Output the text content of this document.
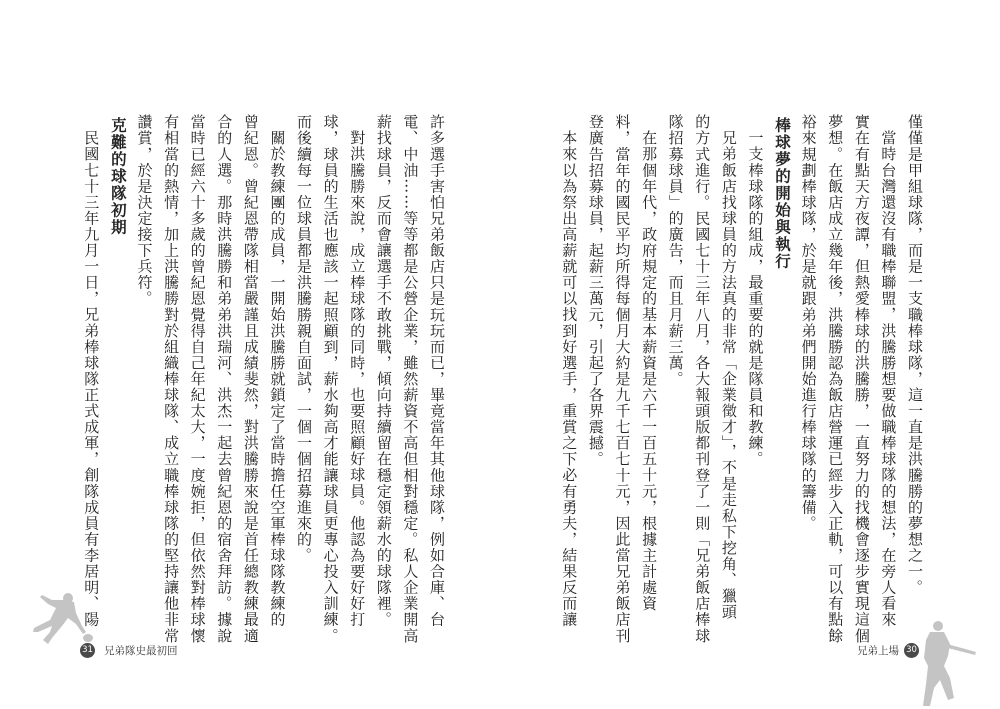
僅僅是甲組球隊，而是一支職棒球隊，這一直是洪騰勝的夢想之一。
當時台灣還沒有職棒聯盟，洪騰勝想要做職棒球隊的想法，在旁人看來
實在有點天方夜譚，但熱愛棒球的洪騰勝，一直努力的找機會逐步實現這個
夢想。在飯店成立幾年後，洪騰勝認為飯店營運已經步入正軌，可以有點餘
裕來規劃棒球隊，於是就跟弟弟們開始進行棒球隊的籌備。
棒球夢的開始與執行
一支棒球隊的組成，最重要的就是隊員和教練。
兄弟飯店找球員的方法真的非常「企業徵才」，不是走私下挖角、獵頭
的方式進行。民國七十三年八月，各大報頭版都刊登了一則「兄弟飯店棒球
隊招募球員」的廣告，而且月薪三萬。
在那個年代，政府規定的基本薪資是六千一百五十元，根據主計處資
料，當年的國民平均所得每個月大約是九千七百七十元，因此當兄弟飯店刊
登廣告招募球員，起薪三萬元，引起了各界震撼。
本來以為祭出高薪就可以找到好選手，重賞之下必有勇夫，結果反而讓
許多選手害怕兄弟飯店只是玩玩而已，畢竟當年其他球隊，例如合庫、台
電、中油……等等都是公營企業，雖然薪資不高但相對穩定。私人企業開高
薪找球員，反而會讓選手不敢挑戰，傾向持續留在穩定領薪水的球隊裡。
對洪騰勝來說，成立棒球隊的同時，也要照顧好球員。他認為要好好打
球，球員的生活也應該一起照顧到，薪水夠高才能讓球員更專心投入訓練。
而後續每一位球員都是洪騰勝親自面試，一個一個招募進來的。
關於教練團的成員，一開始洪騰勝就鎖定了當時擔任空軍棒球隊教練的
曾紀恩。曾紀恩帶隊相當嚴謹且成績斐然，對洪騰勝來說是首任總教練最適
合的人選。那時洪騰勝和弟弟洪瑞河、洪杰一起去曾紀恩的宿舍拜訪。據說
當時已經六十多歲的曾紀恩覺得自己年紀太大，一度婉拒，但依然對棒球懷
有相當的熱情，加上洪騰勝對於組織棒球隊、成立職棒球隊的堅持讓他非常
讚賞，於是決定接下兵符。
克難的球隊初期
民國七十三年九月一日，兄弟棒球隊正式成軍，創隊成員有李居明、陽
31 兄弟隊史最初回	兄弟上場 30
